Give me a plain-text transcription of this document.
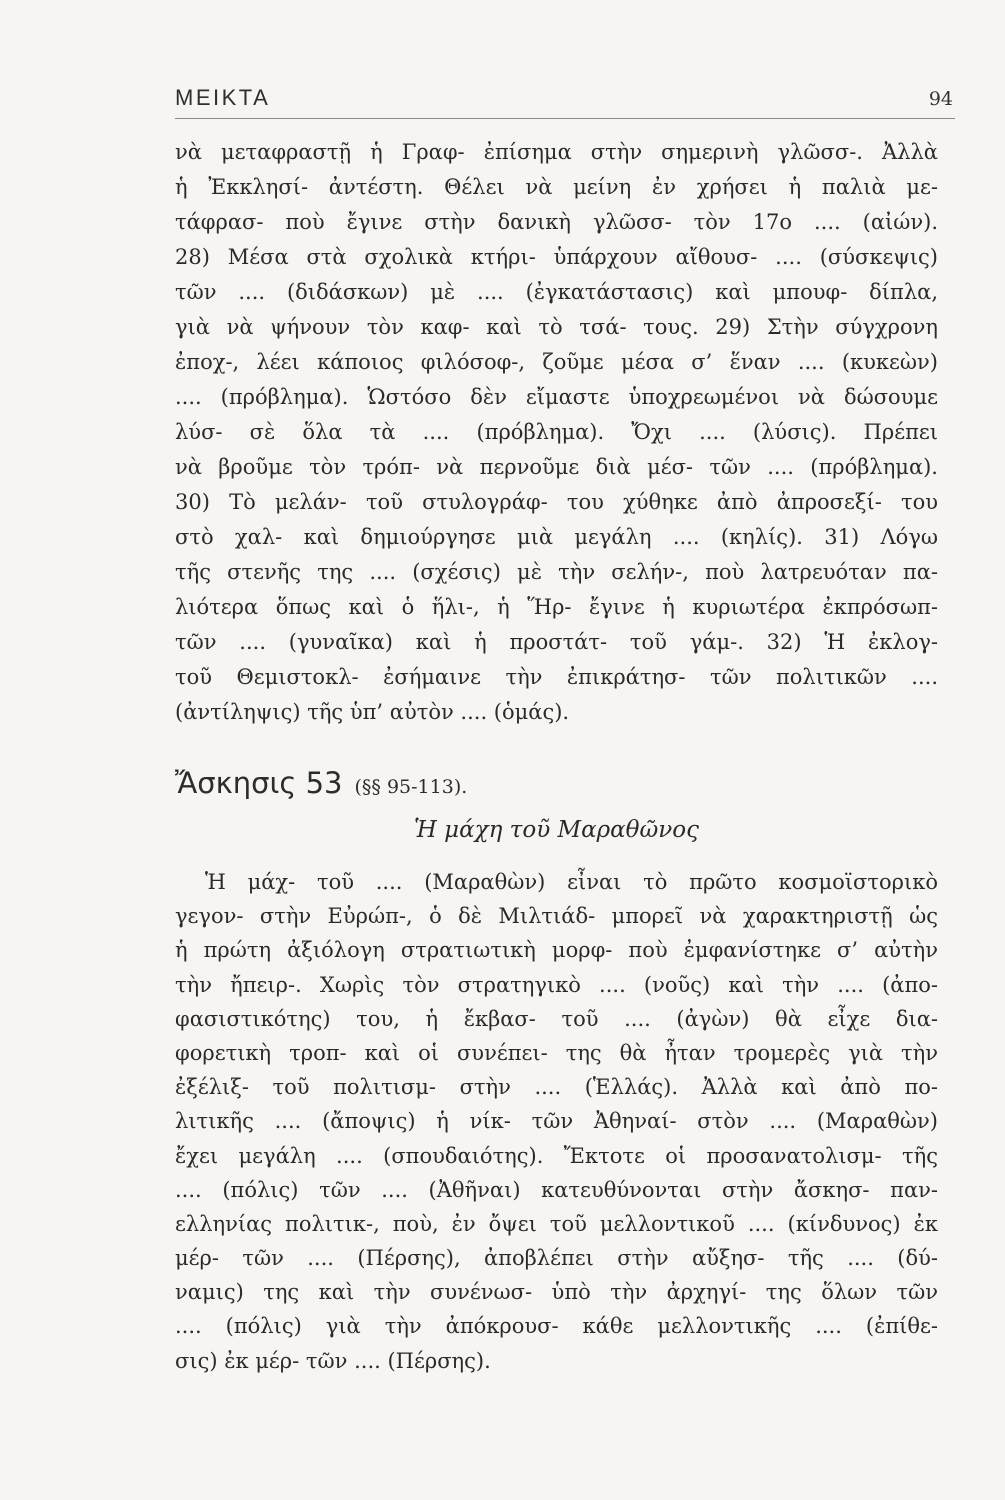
ΜΕΙΚΤΑ	94
νὰ μεταφραστῇ ἡ Γραφ- ἐπίσημα στὴν σημερινὴ γλῶσσ-. Ἀλλὰ
ἡ Ἐκκλησί- ἀντέστη. Θέλει νὰ μείνη ἐν χρήσει ἡ παλιὰ με-
τάφρασ- ποὺ ἔγινε στὴν δανικὴ γλῶσσ- τὸν 17ο .... (αἰών).
28) Μέσα στὰ σχολικὰ κτήρι- ὑπάρχουν αἴθουσ- .... (σύσκεψις)
τῶν .... (διδάσκων) μὲ .... (ἐγκατάστασις) καὶ μπουφ- δίπλα,
γιὰ νὰ ψήνουν τὸν καφ- καὶ τὸ τσά- τους. 29) Στὴν σύγχρονη
ἐποχ-, λέει κάποιος φιλόσοφ-, ζοῦμε μέσα σ’ ἕναν .... (κυκεὼν)
.... (πρόβλημα). Ὡστόσο δὲν εἴμαστε ὑποχρεωμένοι νὰ δώσουμε
λύσ- σὲ ὅλα τὰ .... (πρόβλημα). Ὄχι .... (λύσις). Πρέπει
νὰ βροῦμε τὸν τρόπ- νὰ περνοῦμε διὰ μέσ- τῶν .... (πρόβλημα).
30) Τὸ μελάν- τοῦ στυλογράφ- του χύθηκε ἀπὸ ἀπροσεξί- του
στὸ χαλ- καὶ δημιούργησε μιὰ μεγάλη .... (κηλίς). 31) Λόγω
τῆς στενῆς της .... (σχέσις) μὲ τὴν σελήν-, ποὺ λατρευόταν πα-
λιότερα ὅπως καὶ ὁ ἥλι-, ἡ Ἥρ- ἔγινε ἡ κυριωτέρα ἐκπρόσωπ-
τῶν .... (γυναῖκα) καὶ ἡ προστάτ- τοῦ γάμ-. 32) Ἡ ἐκλογ-
τοῦ Θεμιστοκλ- ἐσήμαινε τὴν ἐπικράτησ- τῶν πολιτικῶν ....
(ἀντίληψις) τῆς ὑπ’ αὐτὸν .... (ὁμάς).
Ἄσκησις 53 (§§ 95-113).
Ἡ μάχη τοῦ Μαραθῶνος
Ἡ μάχ- τοῦ .... (Μαραθὼν) εἶναι τὸ πρῶτο κοσμοϊστορικὸ
γεγον- στὴν Εὐρώπ-, ὁ δὲ Μιλτιάδ- μπορεῖ νὰ χαρακτηριστῇ ὡς
ἡ πρώτη ἀξιόλογη στρατιωτικὴ μορφ- ποὺ ἐμφανίστηκε σ’ αὐτὴν
τὴν ἤπειρ-. Χωρὶς τὸν στρατηγικὸ .... (νοῦς) καὶ τὴν .... (ἀπο-
φασιστικότης) του, ἡ ἔκβασ- τοῦ .... (ἀγὼν) θὰ εἶχε δια-
φορετικὴ τροπ- καὶ οἱ συνέπει- της θὰ ἦταν τρομερὲς γιὰ τὴν
ἐξέλιξ- τοῦ πολιτισμ- στὴν .... (Ἑλλάς). Ἀλλὰ καὶ ἀπὸ πο-
λιτικῆς .... (ἄποψις) ἡ νίκ- τῶν Ἀθηναί- στὸν .... (Μαραθὼν)
ἔχει μεγάλη .... (σπουδαιότης). Ἔκτοτε οἱ προσανατολισμ- τῆς
.... (πόλις) τῶν .... (Ἀθῆναι) κατευθύνονται στὴν ἄσκησ- παν-
ελληνίας πολιτικ-, ποὺ, ἐν ὄψει τοῦ μελλοντικοῦ .... (κίνδυνος) ἐκ
μέρ- τῶν .... (Πέρσης), ἀποβλέπει στὴν αὔξησ- τῆς .... (δύ-
ναμις) της καὶ τὴν συνένωσ- ὑπὸ τὴν ἀρχηγί- της ὅλων τῶν
.... (πόλις) γιὰ τὴν ἀπόκρουσ- κάθε μελλοντικῆς .... (ἐπίθε-
σις) ἐκ μέρ- τῶν .... (Πέρσης).
